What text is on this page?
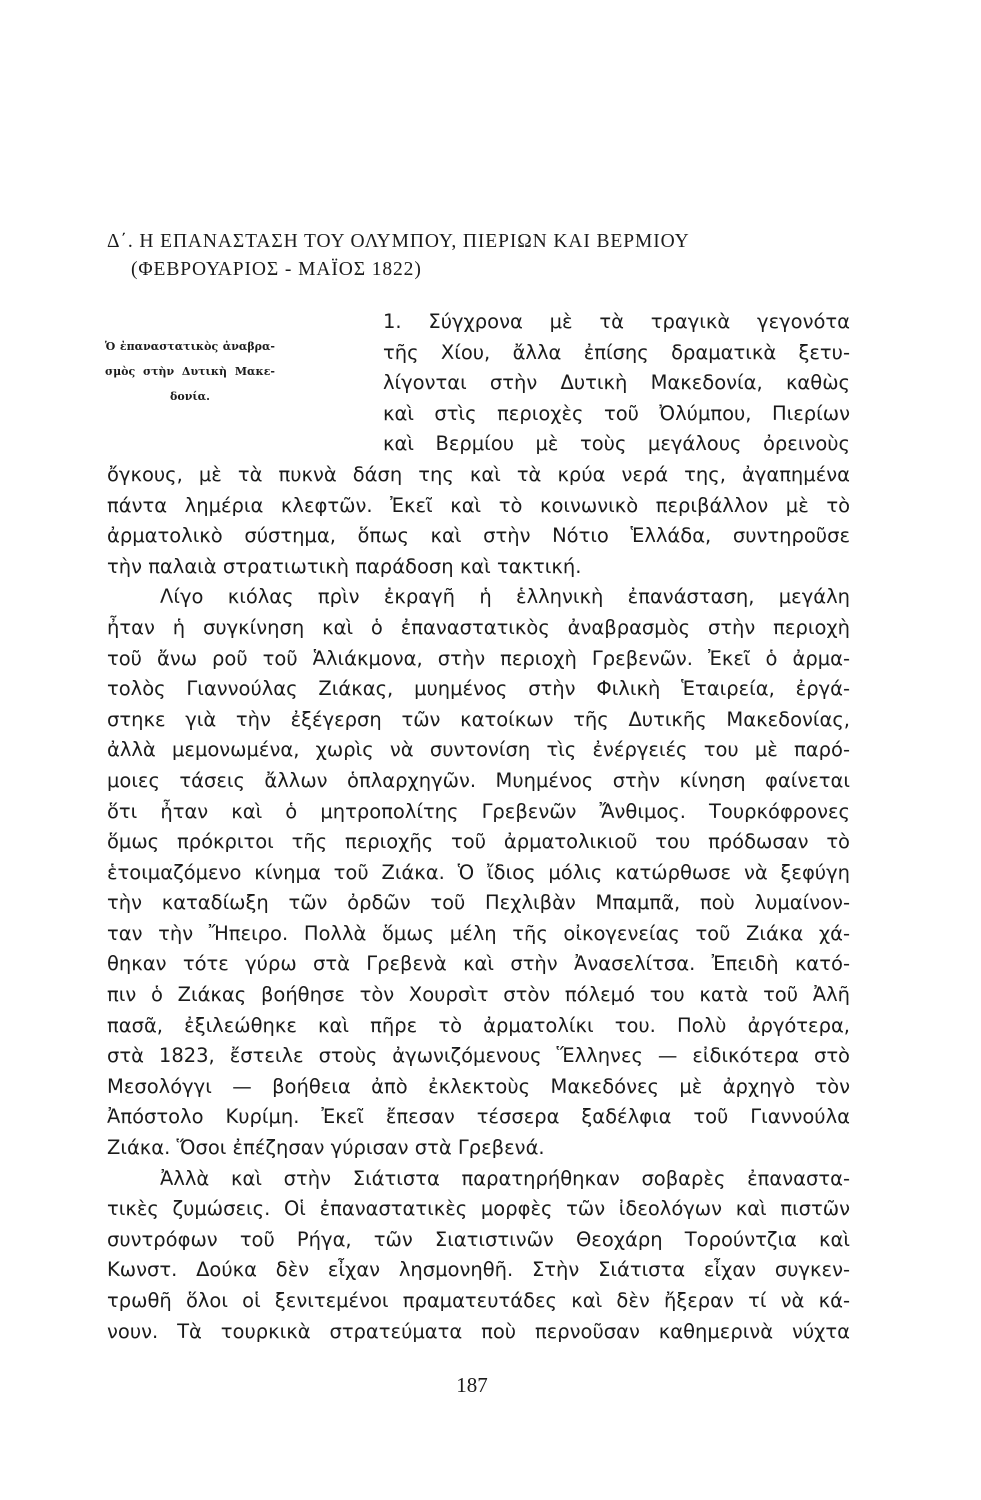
Δ΄. Η ΕΠΑΝΑΣΤΑΣΗ ΤΟΥ ΟΛΥΜΠΟΥ, ΠΙΕΡΙΩΝ ΚΑΙ ΒΕΡΜΙΟΥ
(ΦΕΒΡΟΥΑΡΙΟΣ - ΜΑΪΟΣ 1822)
Ὁ ἐπαναστατικὸς ἀναβρα-
σμὸς στὴν Δυτικὴ Μακε-
δονία.
1. Σύγχρονα μὲ τὰ τραγικὰ γεγονότα
τῆς Χίου, ἄλλα ἐπίσης δραματικὰ ξετυ-
λίγονται στὴν Δυτικὴ Μακεδονία, καθὼς
καὶ στὶς περιοχὲς τοῦ Ὀλύμπου, Πιερίων
καὶ Βερμίου μὲ τοὺς μεγάλους ὀρεινοὺς
ὄγκους, μὲ τὰ πυκνὰ δάση της καὶ τὰ κρύα νερά της, ἀγαπημένα
πάντα λημέρια κλεφτῶν. Ἐκεῖ καὶ τὸ κοινωνικὸ περιβάλλον μὲ τὸ
ἀρματολικὸ σύστημα, ὅπως καὶ στὴν Νότιο Ἑλλάδα, συντηροῦσε
τὴν παλαιὰ στρατιωτικὴ παράδοση καὶ τακτική.
Λίγο κιόλας πρὶν ἐκραγῆ ἡ ἑλληνικὴ ἐπανάσταση, μεγάλη
ἦταν ἡ συγκίνηση καὶ ὁ ἐπαναστατικὸς ἀναβρασμὸς στὴν περιοχὴ
τοῦ ἄνω ροῦ τοῦ Ἁλιάκμονα, στὴν περιοχὴ Γρεβενῶν. Ἐκεῖ ὁ ἀρμα-
τολὸς Γιαννούλας Ζιάκας, μυημένος στὴν Φιλικὴ Ἑταιρεία, ἐργά-
στηκε γιὰ τὴν ἐξέγερση τῶν κατοίκων τῆς Δυτικῆς Μακεδονίας,
ἀλλὰ μεμονωμένα, χωρὶς νὰ συντονίση τὶς ἐνέργειές του μὲ παρό-
μοιες τάσεις ἄλλων ὁπλαρχηγῶν. Μυημένος στὴν κίνηση φαίνεται
ὅτι ἦταν καὶ ὁ μητροπολίτης Γρεβενῶν Ἄνθιμος. Τουρκόφρονες
ὅμως πρόκριτοι τῆς περιοχῆς τοῦ ἀρματολικιοῦ του πρόδωσαν τὸ
ἑτοιμαζόμενο κίνημα τοῦ Ζιάκα. Ὁ ἴδιος μόλις κατώρθωσε νὰ ξεφύγη
τὴν καταδίωξη τῶν ὀρδῶν τοῦ Πεχλιβὰν Μπαμπᾶ, ποὺ λυμαίνον-
ταν τὴν Ἤπειρο. Πολλὰ ὅμως μέλη τῆς οἰκογενείας τοῦ Ζιάκα χά-
θηκαν τότε γύρω στὰ Γρεβενὰ καὶ στὴν Ἀνασελίτσα. Ἐπειδὴ κατό-
πιν ὁ Ζιάκας βοήθησε τὸν Χουρσὶτ στὸν πόλεμό του κατὰ τοῦ Ἀλῆ
πασᾶ, ἐξιλεώθηκε καὶ πῆρε τὸ ἀρματολίκι του. Πολὺ ἀργότερα,
στὰ 1823, ἔστειλε στοὺς ἀγωνιζόμενους Ἕλληνες — εἰδικότερα στὸ
Μεσολόγγι — βοήθεια ἀπὸ ἐκλεκτοὺς Μακεδόνες μὲ ἀρχηγὸ τὸν
Ἀπόστολο Κυρίμη. Ἐκεῖ ἔπεσαν τέσσερα ξαδέλφια τοῦ Γιαννούλα
Ζιάκα. Ὅσοι ἐπέζησαν γύρισαν στὰ Γρεβενά.
Ἀλλὰ καὶ στὴν Σιάτιστα παρατηρήθηκαν σοβαρὲς ἐπαναστα-
τικὲς ζυμώσεις. Οἱ ἐπαναστατικὲς μορφὲς τῶν ἰδεολόγων καὶ πιστῶν
συντρόφων τοῦ Ρήγα, τῶν Σιατιστινῶν Θεοχάρη Τορούντζια καὶ
Κωνστ. Δούκα δὲν εἶχαν λησμονηθῆ. Στὴν Σιάτιστα εἶχαν συγκεν-
τρωθῆ ὅλοι οἱ ξενιτεμένοι πραματευτάδες καὶ δὲν ἤξεραν τί νὰ κά-
νουν. Τὰ τουρκικὰ στρατεύματα ποὺ περνοῦσαν καθημερινὰ νύχτα
187
